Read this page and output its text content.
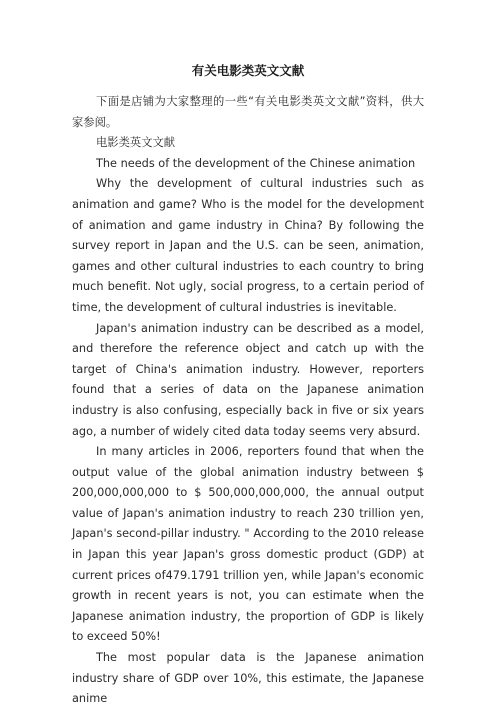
有关电影类英文文献

下面是店铺为大家整理的一些“有关电影类英文文献”资料，供大家参阅。

电影类英文文献

The needs of the development of the Chinese animation

Why the development of cultural industries such as animation and game? Who is the model for the development of animation and game industry in China? By following the survey report in Japan and the U.S. can be seen, animation, games and other cultural industries to each country to bring much benefit. Not ugly, social progress, to a certain period of time, the development of cultural industries is inevitable.

Japan's animation industry can be described as a model, and therefore the reference object and catch up with the target of China's animation industry. However, reporters found that a series of data on the Japanese animation industry is also confusing, especially back in five or six years ago, a number of widely cited data today seems very absurd.

In many articles in 2006, reporters found that when the output value of the global animation industry between $ 200,000,000,000 to $ 500,000,000,000, the annual output value of Japan's animation industry to reach 230 trillion yen, Japan's second-pillar industry. " According to the 2010 release in Japan this year Japan's gross domestic product (GDP) at current prices of479.1791 trillion yen, while Japan's economic growth in recent years is not, you can estimate when the Japanese animation industry, the proportion of GDP is likely to exceed 50%!

The most popular data is the Japanese animation industry share of GDP over 10%, this estimate, the Japanese anime
